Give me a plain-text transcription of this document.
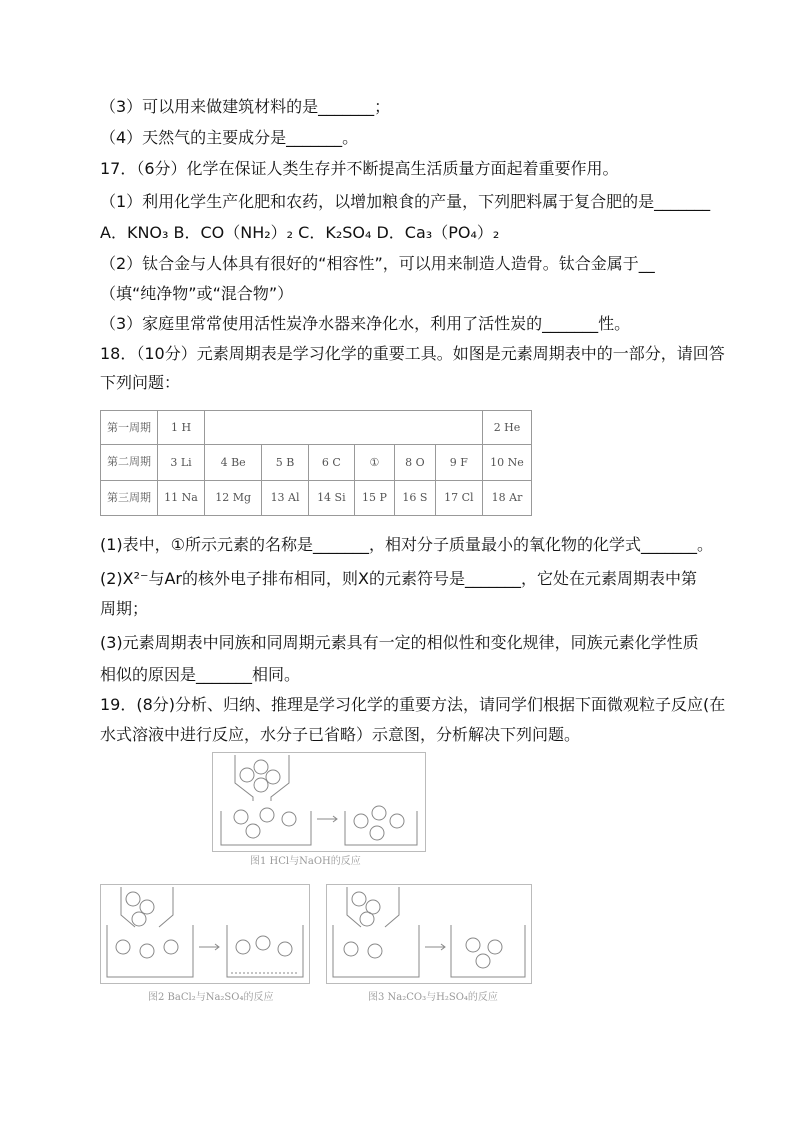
（3）可以用来做建筑材料的是_______；
（4）天然气的主要成分是_______。
17．（6分）化学在保证人类生存并不断提高生活质量方面起着重要作用。
（1）利用化学生产化肥和农药，以增加粮食的产量，下列肥料属于复合肥的是_______
A．KNO₃ B．CO（NH₂）₂ C．K₂SO₄ D．Ca₃（PO₄）₂
（2）钛合金与人体具有很好的“相容性”，可以用来制造人造骨。钛合金属于__
（填“纯净物”或“混合物”）
（3）家庭里常常使用活性炭净水器来净化水，利用了活性炭的_______性。
18．（10分）元素周期表是学习化学的重要工具。如图是元素周期表中的一部分，请回答
下列问题：
第一周期	1 H							2 He
第二周期	3 Li	4 Be	5 B	6 C	①	8 O	9 F	10 Ne
第三周期	11 Na	12 Mg	13 Al	14 Si	15 P	16 S	17 Cl	18 Ar
(1)表中，①所示元素的名称是_______，相对分子质量最小的氧化物的化学式_______。
(2)X²⁻与Ar的核外电子排布相同，则X的元素符号是_______，它处在元素周期表中第
周期；
(3)元素周期表中同族和同周期元素具有一定的相似性和变化规律，同族元素化学性质
相似的原因是_______相同。
19．(8分)分析、归纳、推理是学习化学的重要方法，请同学们根据下面微观粒子反应(在
水式溶液中进行反应，水分子已省略）示意图，分析解决下列问题。
图1 HCl与NaOH的反应
图2 BaCl₂与Na₂SO₄的反应	图3 Na₂CO₃与H₂SO₄的反应
